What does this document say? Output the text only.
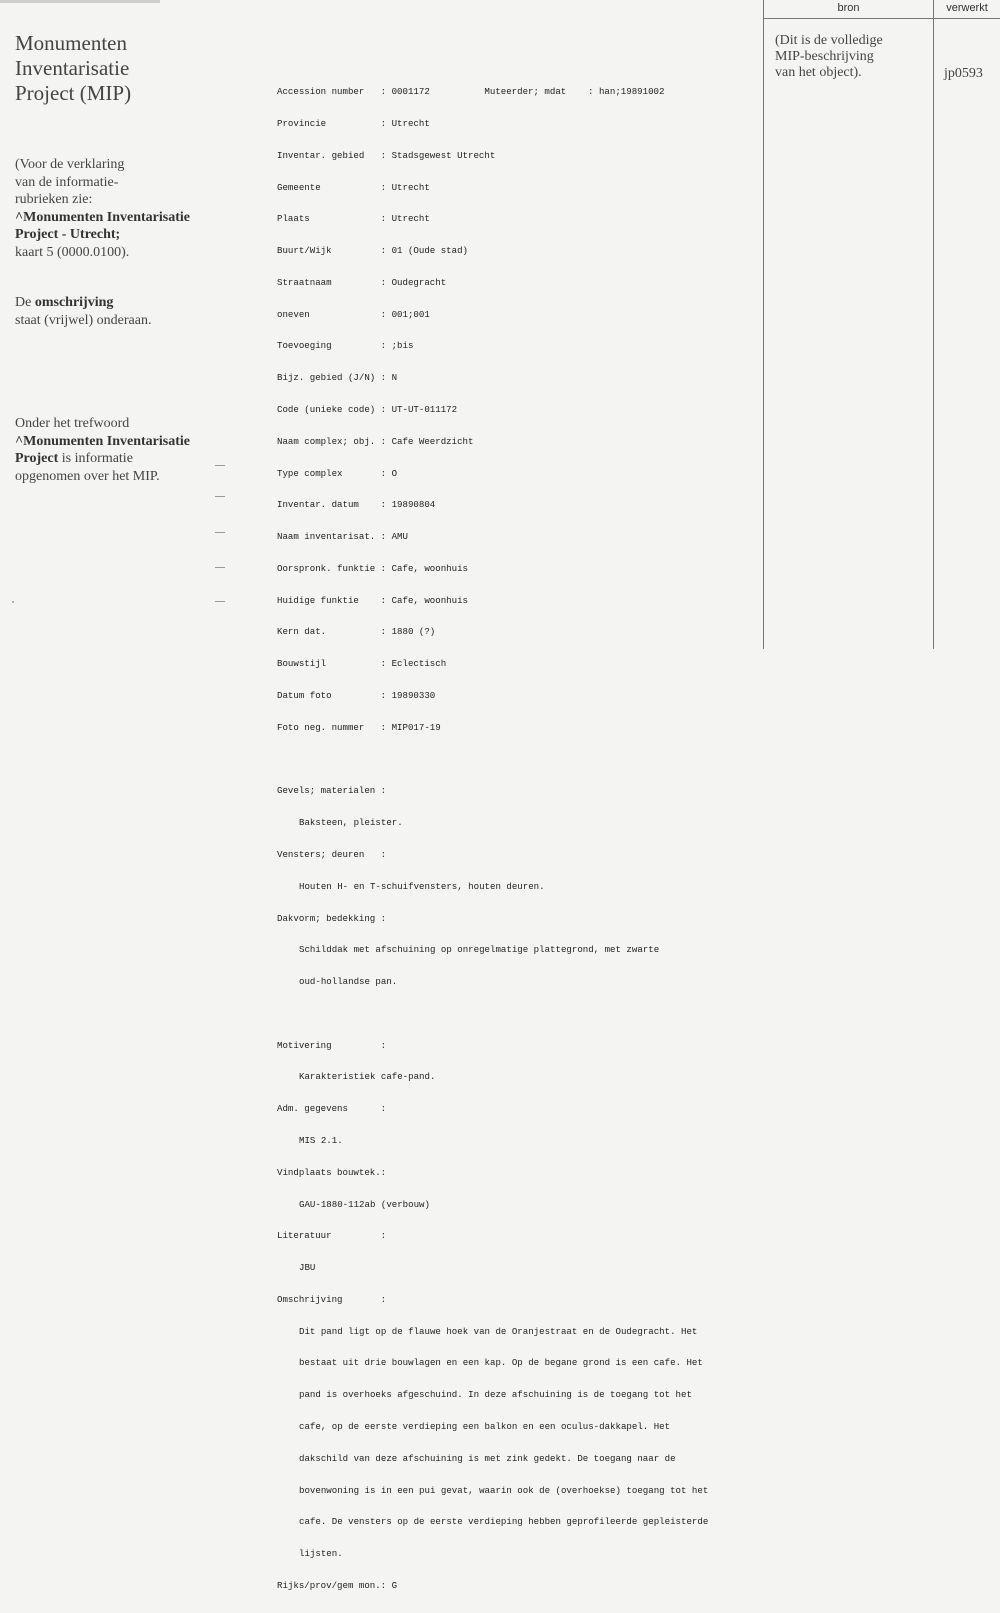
Monumenten
Inventarisatie
Project (MIP)
(Voor de verklaring
van de informatie-
rubrieken zie:
^Monumenten Inventarisatie
Project - Utrecht;
kaart 5 (0000.0100).
De omschrijving
staat (vrijwel) onderaan.
Onder het trefwoord
^Monumenten Inventarisatie
Project is informatie
opgenomen over het MIP.

Accession number   : 0001172          Muteerder; mdat    : han;19891002

Provincie          : Utrecht

Inventar. gebied   : Stadsgewest Utrecht

Gemeente           : Utrecht

Plaats             : Utrecht

Buurt/Wijk         : 01 (Oude stad)

Straatnaam         : Oudegracht

oneven             : 001;001

Toevoeging         : ;bis

Bijz. gebied (J/N) : N

Code (unieke code) : UT-UT-011172

Naam complex; obj. : Cafe Weerdzicht

Type complex       : O

Inventar. datum    : 19890804

Naam inventarisat. : AMU

Oorspronk. funktie : Cafe, woonhuis

Huidige funktie    : Cafe, woonhuis

Kern dat.          : 1880 (?)

Bouwstijl          : Eclectisch

Datum foto         : 19890330

Foto neg. nummer   : MIP017-19

Gevels; materialen :

Baksteen, pleister.

Vensters; deuren   :

Houten H- en T-schuifvensters, houten deuren.

Dakvorm; bedekking :

Schilddak met afschuining op onregelmatige plattegrond, met zwarte

oud-hollandse pan.

Motivering         :

Karakteristiek cafe-pand.

Adm. gegevens      :

MIS 2.1.

Vindplaats bouwtek.:

GAU-1880-112ab (verbouw)

Literatuur         :

JBU

Omschrijving       :

Dit pand ligt op de flauwe hoek van de Oranjestraat en de Oudegracht. Het

bestaat uit drie bouwlagen en een kap. Op de begane grond is een cafe. Het

pand is overhoeks afgeschuind. In deze afschuining is de toegang tot het

cafe, op de eerste verdieping een balkon en een oculus-dakkapel. Het

dakschild van deze afschuining is met zink gedekt. De toegang naar de

bovenwoning is in een pui gevat, waarin ook de (overhoekse) toegang tot het

cafe. De vensters op de eerste verdieping hebben geprofileerde gepleisterde

lijsten.

Rijks/prov/gem mon.: G

bron	verwerkt
(Dit is de volledige
MIP-beschrijving
van het object).	jp0593
